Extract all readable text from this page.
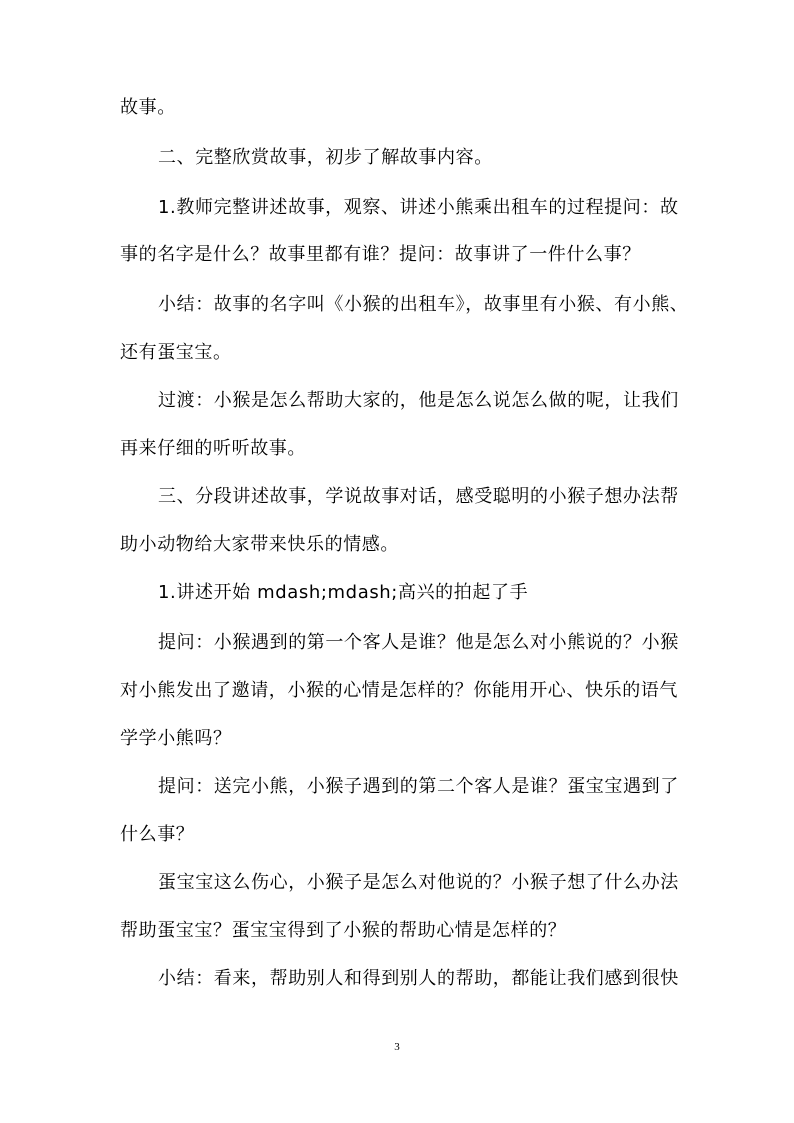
故事。
二、完整欣赏故事，初步了解故事内容。
1.教师完整讲述故事，观察、讲述小熊乘出租车的过程提问：故
事的名字是什么？故事里都有谁？提问：故事讲了一件什么事？
小结：故事的名字叫《小猴的出租车》，故事里有小猴、有小熊、
还有蛋宝宝。
过渡：小猴是怎么帮助大家的，他是怎么说怎么做的呢，让我们
再来仔细的听听故事。
三、分段讲述故事，学说故事对话，感受聪明的小猴子想办法帮
助小动物给大家带来快乐的情感。
1.讲述开始 mdash;mdash;高兴的拍起了手
提问：小猴遇到的第一个客人是谁？他是怎么对小熊说的？小猴
对小熊发出了邀请，小猴的心情是怎样的？你能用开心、快乐的语气
学学小熊吗？
提问：送完小熊，小猴子遇到的第二个客人是谁？蛋宝宝遇到了
什么事？
蛋宝宝这么伤心，小猴子是怎么对他说的？小猴子想了什么办法
帮助蛋宝宝？蛋宝宝得到了小猴的帮助心情是怎样的？
小结：看来，帮助别人和得到别人的帮助，都能让我们感到很快
3
